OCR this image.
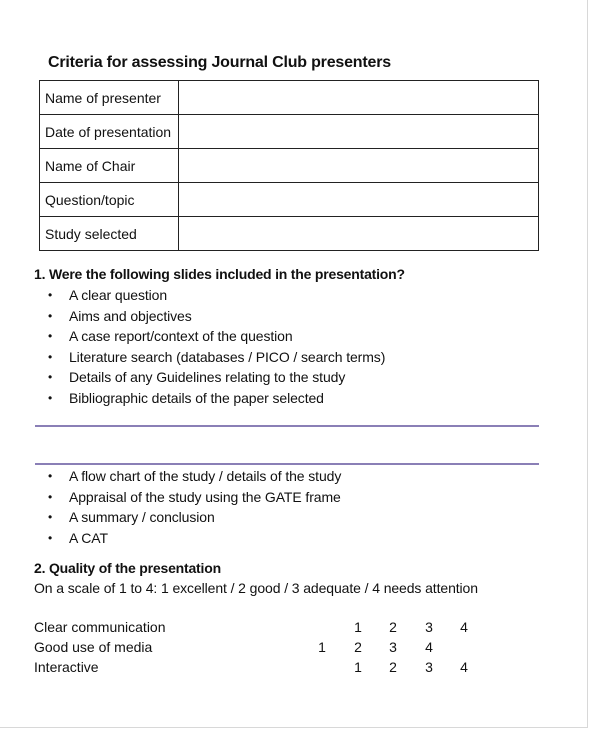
Criteria for assessing Journal Club presenters
Name of presenter	
Date of presentation	
Name of Chair	
Question/topic	
Study selected	
1. Were the following slides included in the presentation?
• A clear question
• Aims and objectives
• A case report/context of the question
• Literature search (databases / PICO / search terms)
• Details of any Guidelines relating to the study
• Bibliographic details of the paper selected
• A flow chart of the study / details of the study
• Appraisal of the study using the GATE frame
• A summary / conclusion
• A CAT
2. Quality of the presentation
On a scale of 1 to 4: 1 excellent / 2 good / 3 adequate / 4 needs attention
Clear communication	1 2 3 4
Good use of media	1 2 3 4
Interactive	1 2 3 4
